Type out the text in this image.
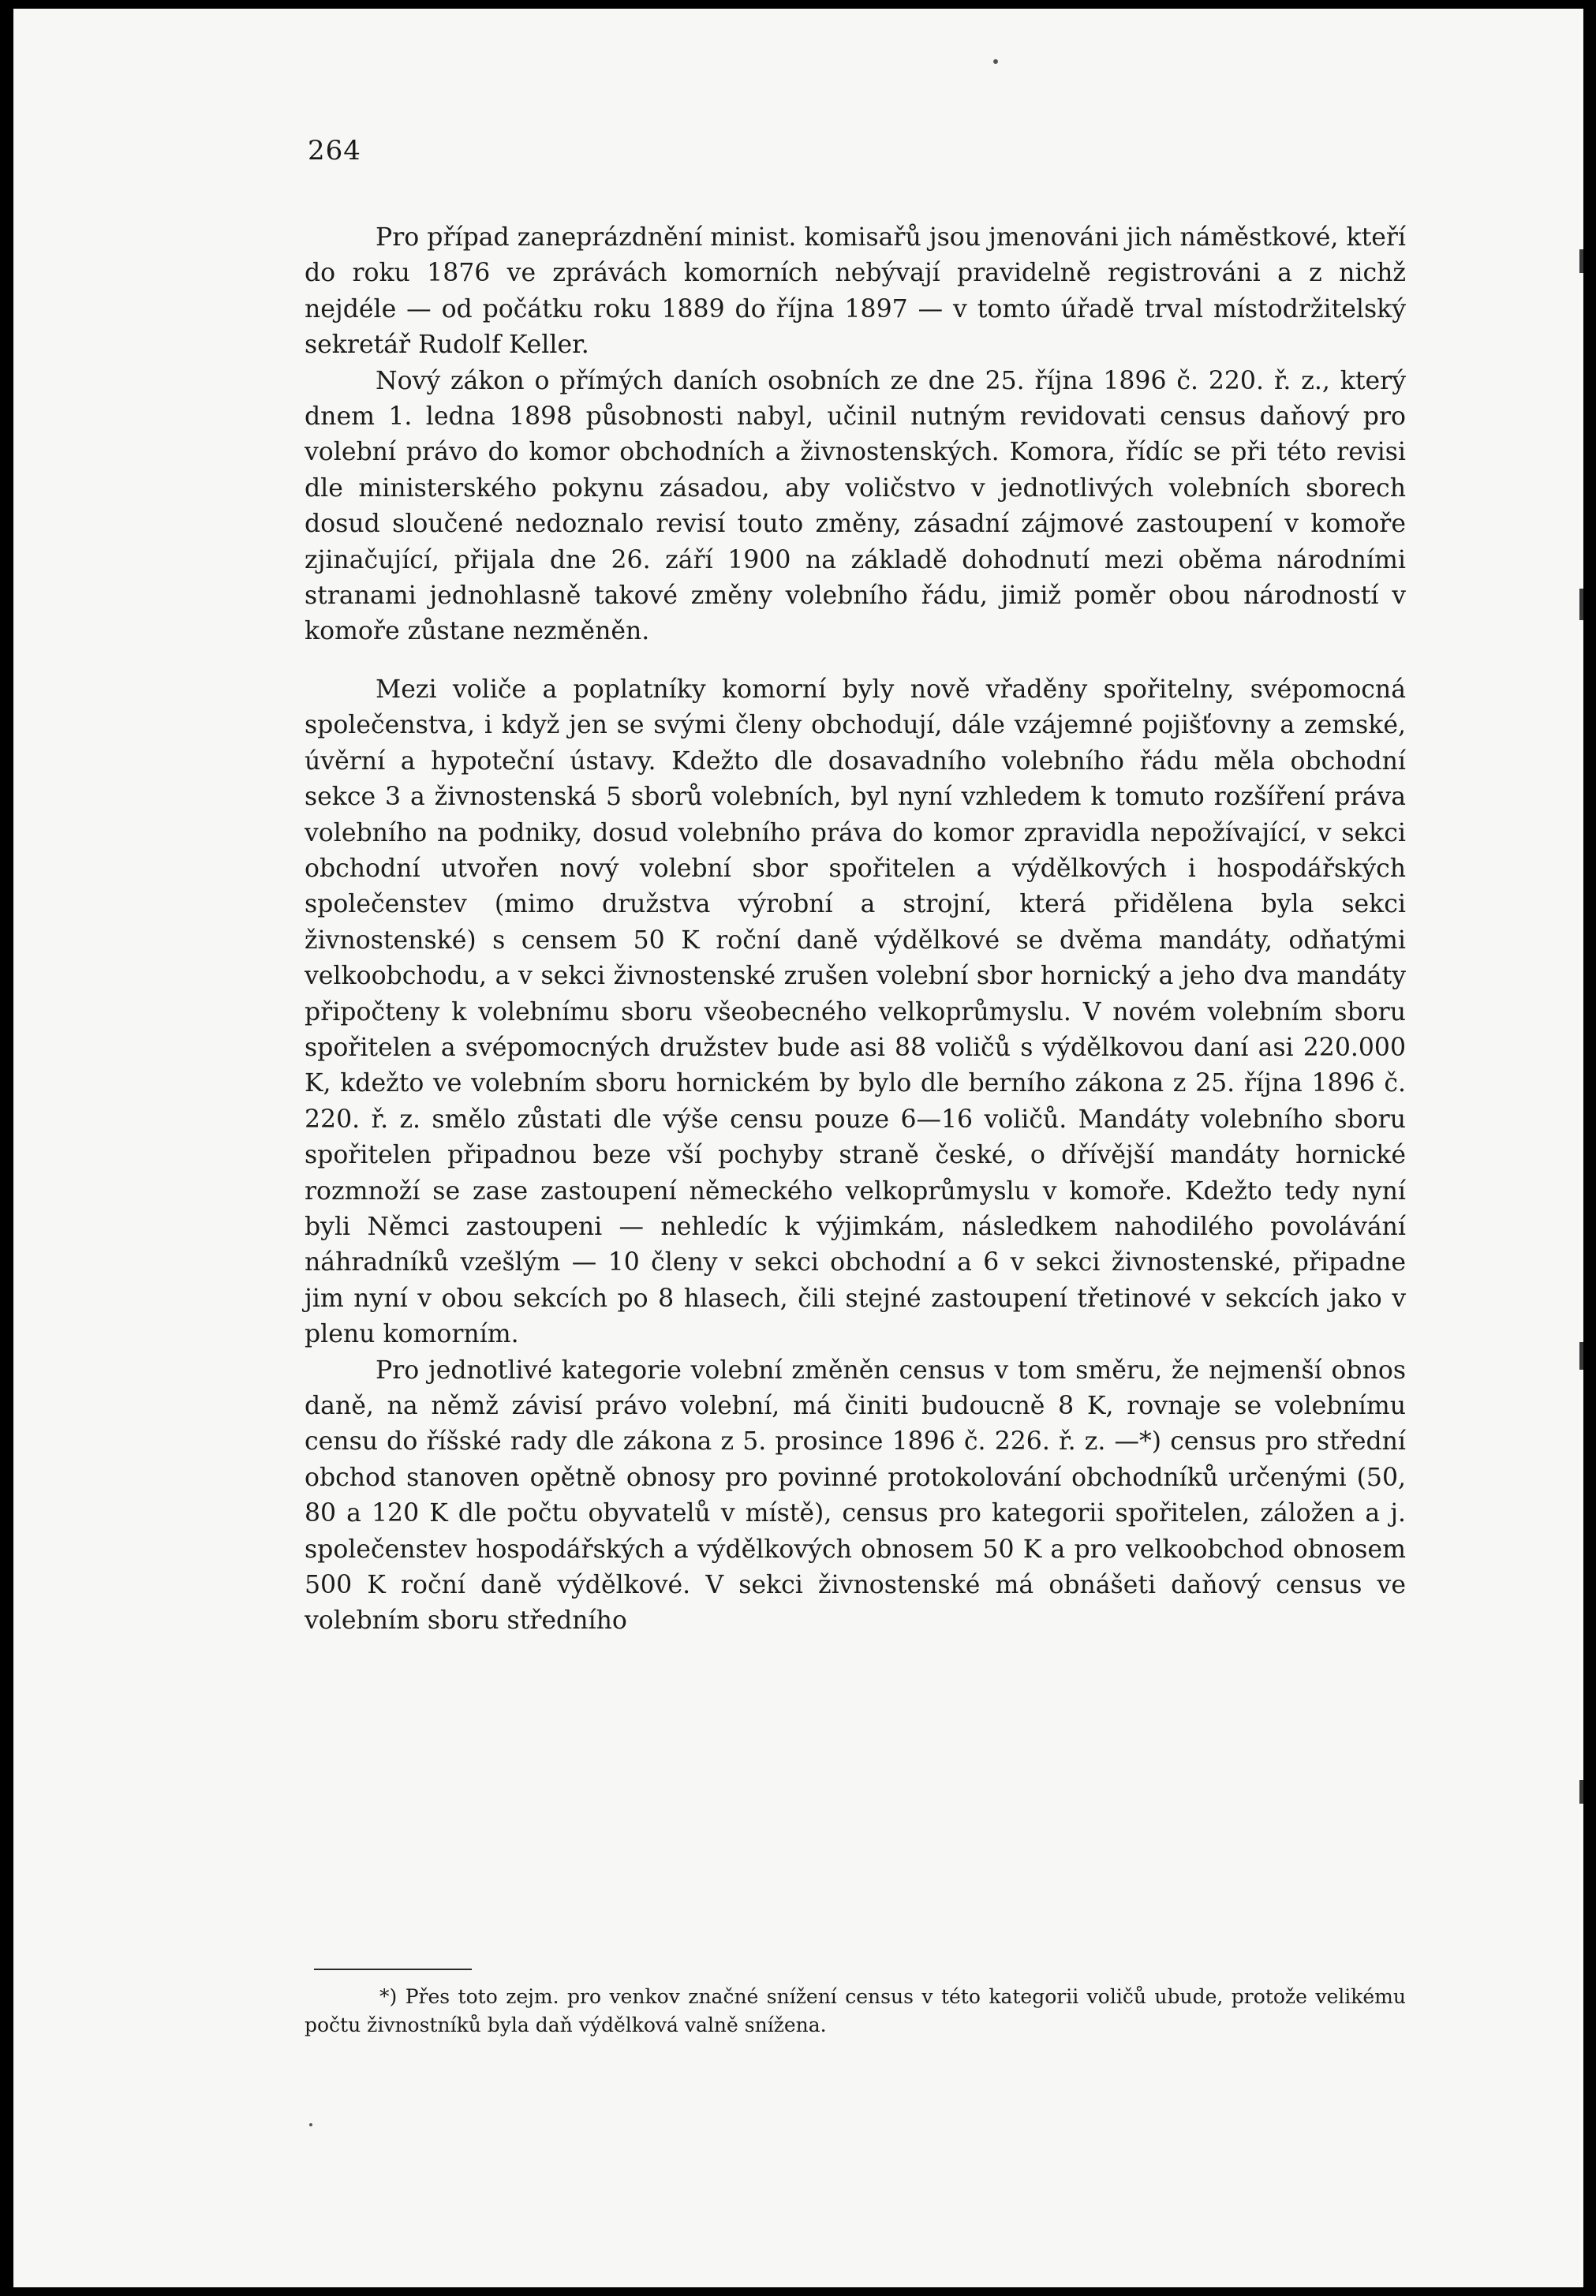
264

Pro případ zaneprázdnění minist. komisařů jsou jmenováni jich náměstkové, kteří do roku 1876 ve zprávách komorních nebývají pravidelně registrováni a z nichž nejdéle — od počátku roku 1889 do října 1897 — v tomto úřadě trval místodržitelský sekretář Rudolf Keller.

Nový zákon o přímých daních osobních ze dne 25. října 1896 č. 220. ř. z., který dnem 1. ledna 1898 působnosti nabyl, učinil nutným revidovati census daňový pro volební právo do komor obchodních a živnostenských. Komora, řídíc se při této revisi dle ministerského pokynu zásadou, aby voličstvo v jednotlivých volebních sborech dosud sloučené nedoznalo revisí touto změny, zásadní zájmové zastoupení v komoře zjinačující, přijala dne 26. září 1900 na základě dohodnutí mezi oběma národními stranami jednohlasně takové změny volebního řádu, jimiž poměr obou národností v komoře zůstane nezměněn.

Mezi voliče a poplatníky komorní byly nově vřaděny spořitelny, svépomocná společenstva, i když jen se svými členy obchodují, dále vzájemné pojišťovny a zemské, úvěrní a hypoteční ústavy. Kdežto dle dosavadního volebního řádu měla obchodní sekce 3 a živnostenská 5 sborů volebních, byl nyní vzhledem k tomuto rozšíření práva volebního na podniky, dosud volebního práva do komor zpravidla nepožívající, v sekci obchodní utvořen nový volební sbor spořitelen a výdělkových i hospodářských společenstev (mimo družstva výrobní a strojní, která přidělena byla sekci živnostenské) s censem 50 K roční daně výdělkové se dvěma mandáty, odňatými velkoobchodu, a v sekci živnostenské zrušen volební sbor hornický a jeho dva mandáty připočteny k volebnímu sboru všeobecného velkoprůmyslu. V novém volebním sboru spořitelen a svépomocných družstev bude asi 88 voličů s výdělkovou daní asi 220.000 K, kdežto ve volebním sboru hornickém by bylo dle berního zákona z 25. října 1896 č. 220. ř. z. smělo zůstati dle výše censu pouze 6—16 voličů. Mandáty volebního sboru spořitelen připadnou beze vší pochyby straně české, o dřívější mandáty hornické rozmnoží se zase zastoupení německého velkoprůmyslu v komoře. Kdežto tedy nyní byli Němci zastoupeni — nehledíc k výjimkám, následkem nahodilého povolávání náhradníků vzešlým — 10 členy v sekci obchodní a 6 v sekci živnostenské, připadne jim nyní v obou sekcích po 8 hlasech, čili stejné zastoupení třetinové v sekcích jako v plenu komorním.

Pro jednotlivé kategorie volební změněn census v tom směru, že nejmenší obnos daně, na němž závisí právo volební, má činiti budoucně 8 K, rovnaje se volebnímu censu do říšské rady dle zákona z 5. prosince 1896 č. 226. ř. z. —*) census pro střední obchod stanoven opětně obnosy pro povinné protokolování obchodníků určenými (50, 80 a 120 K dle počtu obyvatelů v místě), census pro kategorii spořitelen, záložen a j. společenstev hospodářských a výdělkových obnosem 50 K a pro velkoobchod obnosem 500 K roční daně výdělkové. V sekci živnostenské má obnášeti daňový census ve volebním sboru středního

*) Přes toto zejm. pro venkov značné snížení census v této kategorii voličů ubude, protože velikému počtu živnostníků byla daň výdělková valně snížena.
